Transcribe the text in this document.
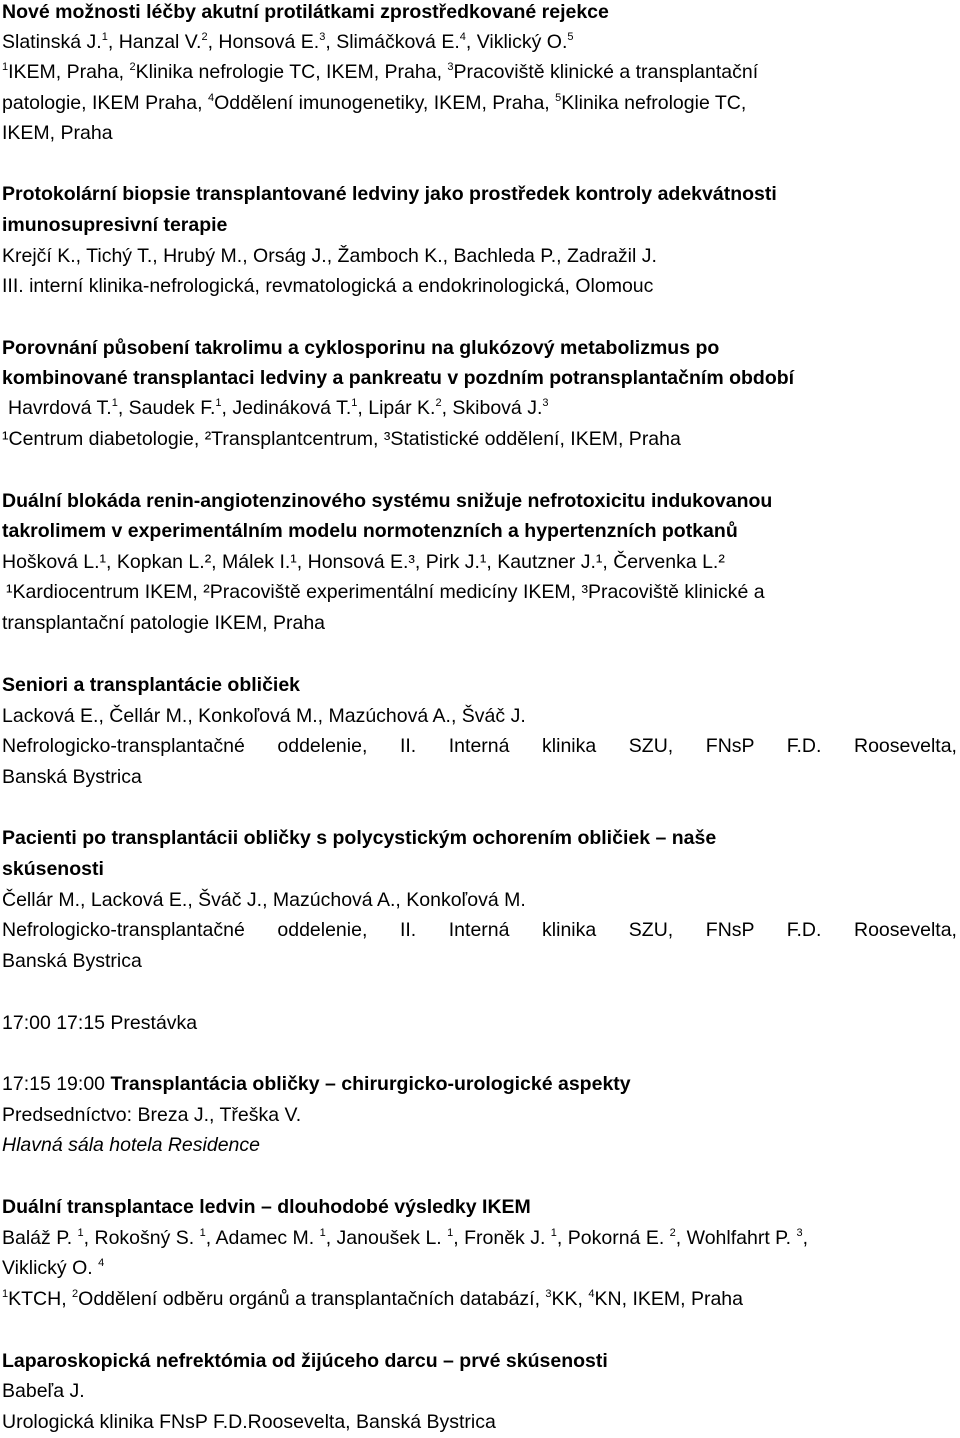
Nové možnosti léčby akutní protilátkami zprostředkované rejekce
Slatinská J.$^1$, Hanzal V.$^2$, Honsová E.$^3$, Slimáčková E.$^4$, Viklický O.$^5$
$^1$IKEM, Praha, $^2$Klinika nefrologie TC, IKEM, Praha, $^3$Pracoviště klinické a transplantační
patologie, IKEM Praha, $^4$Oddělení imunogenetiky, IKEM, Praha, $^5$Klinika nefrologie TC,
IKEM, Praha
Protokolární biopsie transplantované ledviny jako prostředek kontroly adekvátnosti
imunosupresivní terapie
Krejčí K., Tichý T., Hrubý M., Orság J., Žamboch K., Bachleda P., Zadražil J.
III. interní klinika-nefrologická, revmatologická a endokrinologická, Olomouc
Porovnání působení takrolimu a cyklosporinu na glukózový metabolizmus po
kombinované transplantaci ledviny a pankreatu v pozdním potransplantačním období
Havrdová T.$^1$, Saudek F.$^1$, Jedináková T.$^1$, Lipár K.$^2$, Skibová J.$^3$
¹Centrum diabetologie, ²Transplantcentrum, ³Statistické oddělení, IKEM, Praha
Duální blokáda renin-angiotenzinového systému snižuje nefrotoxicitu indukovanou
takrolimem v experimentálním modelu normotenzních a hypertenzních potkanů
Hošková L.¹, Kopkan L.², Málek I.¹, Honsová E.³, Pirk J.¹, Kautzner J.¹, Červenka L.²
¹Kardiocentrum IKEM, ²Pracoviště experimentální medicíny IKEM, ³Pracoviště klinické a
transplantační patologie IKEM, Praha
Seniori a transplantácie obličiek
Lacková E., Čellár M., Konkoľová M., Mazúchová A., Šváč J.
Nefrologicko-transplantačné oddelenie, II. Interná klinika SZU, FNsP F.D. Roosevelta,
Banská Bystrica
Pacienti po transplantácii obličky s polycystickým ochorením obličiek – naše
skúsenosti
Čellár M., Lacková E., Šváč J., Mazúchová A., Konkoľová M.
Nefrologicko-transplantačné oddelenie, II. Interná klinika SZU, FNsP F.D. Roosevelta,
Banská Bystrica
17:00 17:15 Prestávka
17:15 19:00 Transplantácia obličky – chirurgicko-urologické aspekty
Predsedníctvo: Breza J., Třeška V.
Hlavná sála hotela Residence
Duální transplantace ledvin – dlouhodobé výsledky IKEM
Baláž P. $^1$, Rokošný S. $^1$, Adamec M. $^1$, Janoušek L. $^1$, Froněk J. $^1$, Pokorná E. $^2$, Wohlfahrt P. $^3$,
Viklický O. $^4$
$^1$KTCH, $^2$Oddělení odběru orgánů a transplantačních databází, $^3$KK, $^4$KN, IKEM, Praha
Laparoskopická nefrektómia od žijúceho darcu – prvé skúsenosti
Babeľa J.
Urologická klinika FNsP F.D.Roosevelta, Banská Bystrica
